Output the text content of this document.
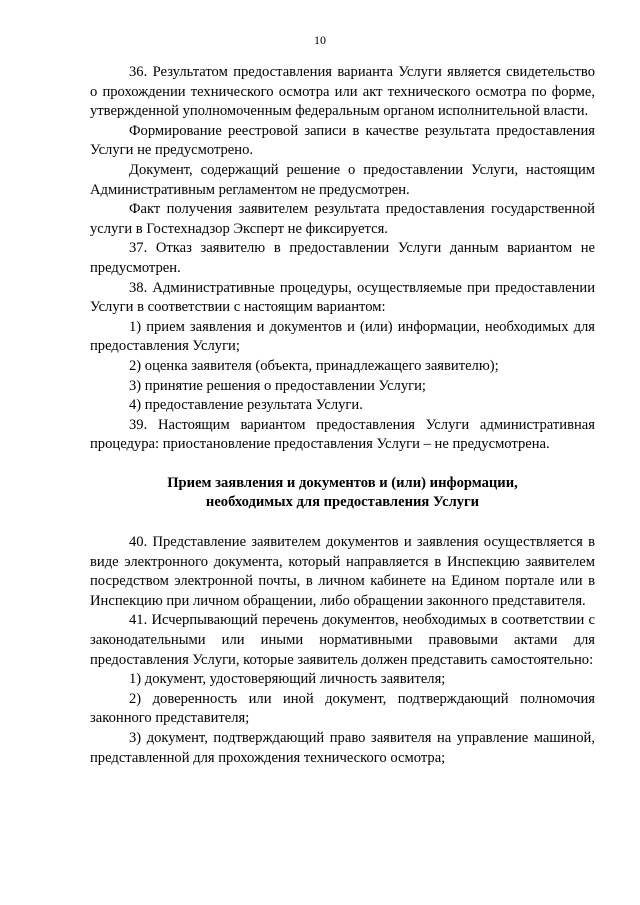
10

36. Результатом предоставления варианта Услуги является свидетельство о прохождении технического осмотра или акт технического осмотра по форме, утвержденной уполномоченным федеральным органом исполнительной власти.

Формирование реестровой записи в качестве результата предоставления Услуги не предусмотрено.

Документ, содержащий решение о предоставлении Услуги, настоящим Административным регламентом не предусмотрен.

Факт получения заявителем результата предоставления государственной услуги в Гостехнадзор Эксперт не фиксируется.

37. Отказ заявителю в предоставлении Услуги данным вариантом не предусмотрен.

38. Административные процедуры, осуществляемые при предоставлении Услуги в соответствии с настоящим вариантом:

1) прием заявления и документов и (или) информации, необходимых для предоставления Услуги;

2) оценка заявителя (объекта, принадлежащего заявителю);

3) принятие решения о предоставлении Услуги;

4) предоставление результата Услуги.

39. Настоящим вариантом предоставления Услуги административная процедура: приостановление предоставления Услуги – не предусмотрена.

Прием заявления и документов и (или) информации,
необходимых для предоставления Услуги

40. Представление заявителем документов и заявления осуществляется в виде электронного документа, который направляется в Инспекцию заявителем посредством электронной почты, в личном кабинете на Едином портале или в Инспекцию при личном обращении, либо обращении законного представителя.

41. Исчерпывающий перечень документов, необходимых в соответствии с законодательными или иными нормативными правовыми актами для предоставления Услуги, которые заявитель должен представить самостоятельно:

1) документ, удостоверяющий личность заявителя;

2) доверенность или иной документ, подтверждающий полномочия законного представителя;

3) документ, подтверждающий право заявителя на управление машиной, представленной для прохождения технического осмотра;
